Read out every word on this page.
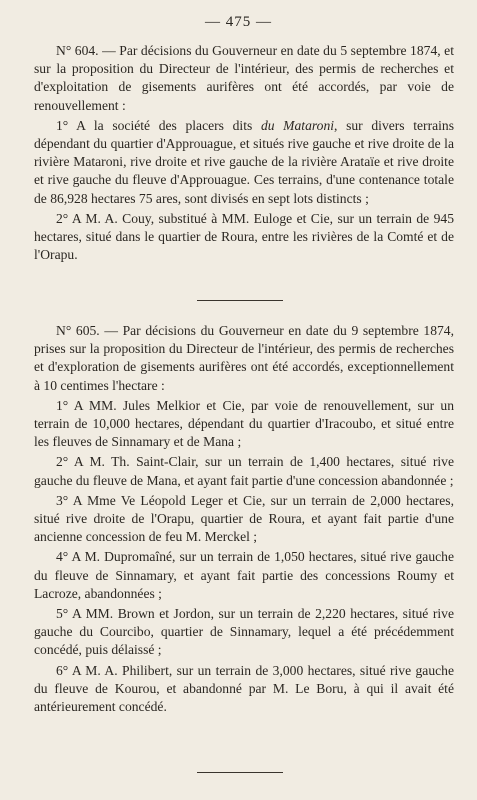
— 475 —

N° 604. — Par décisions du Gouverneur en date du 5 septembre 1874, et sur la proposition du Directeur de l'intérieur, des permis de recherches et d'exploitation de gisements aurifères ont été accordés, par voie de renouvellement :

1° A la société des placers dits du Mataroni, sur divers terrains dépendant du quartier d'Approuague, et situés rive gauche et rive droite de la rivière Mataroni, rive droite et rive gauche de la rivière Arataïe et rive droite et rive gauche du fleuve d'Approuague. Ces terrains, d'une contenance totale de 86,928 hectares 75 ares, sont divisés en sept lots distincts ;

2° A M. A. Couy, substitué à MM. Euloge et Cie, sur un terrain de 945 hectares, situé dans le quartier de Roura, entre les rivières de la Comté et de l'Orapu.

N° 605. — Par décisions du Gouverneur en date du 9 septembre 1874, prises sur la proposition du Directeur de l'intérieur, des permis de recherches et d'exploration de gisements aurifères ont été accordés, exceptionnellement à 10 centimes l'hectare :

1° A MM. Jules Melkior et Cie, par voie de renouvellement, sur un terrain de 10,000 hectares, dépendant du quartier d'Iracoubo, et situé entre les fleuves de Sinnamary et de Mana ;

2° A M. Th. Saint-Clair, sur un terrain de 1,400 hectares, situé rive gauche du fleuve de Mana, et ayant fait partie d'une concession abandonnée ;

3° A Mme Ve Léopold Leger et Cie, sur un terrain de 2,000 hectares, situé rive droite de l'Orapu, quartier de Roura, et ayant fait partie d'une ancienne concession de feu M. Merckel ;

4° A M. Dupromaîné, sur un terrain de 1,050 hectares, situé rive gauche du fleuve de Sinnamary, et ayant fait partie des concessions Roumy et Lacroze, abandonnées ;

5° A MM. Brown et Jordon, sur un terrain de 2,220 hectares, situé rive gauche du Courcibo, quartier de Sinnamary, lequel a été précédemment concédé, puis délaissé ;

6° A M. A. Philibert, sur un terrain de 3,000 hectares, situé rive gauche du fleuve de Kourou, et abandonné par M. Le Boru, à qui il avait été antérieurement concédé.
